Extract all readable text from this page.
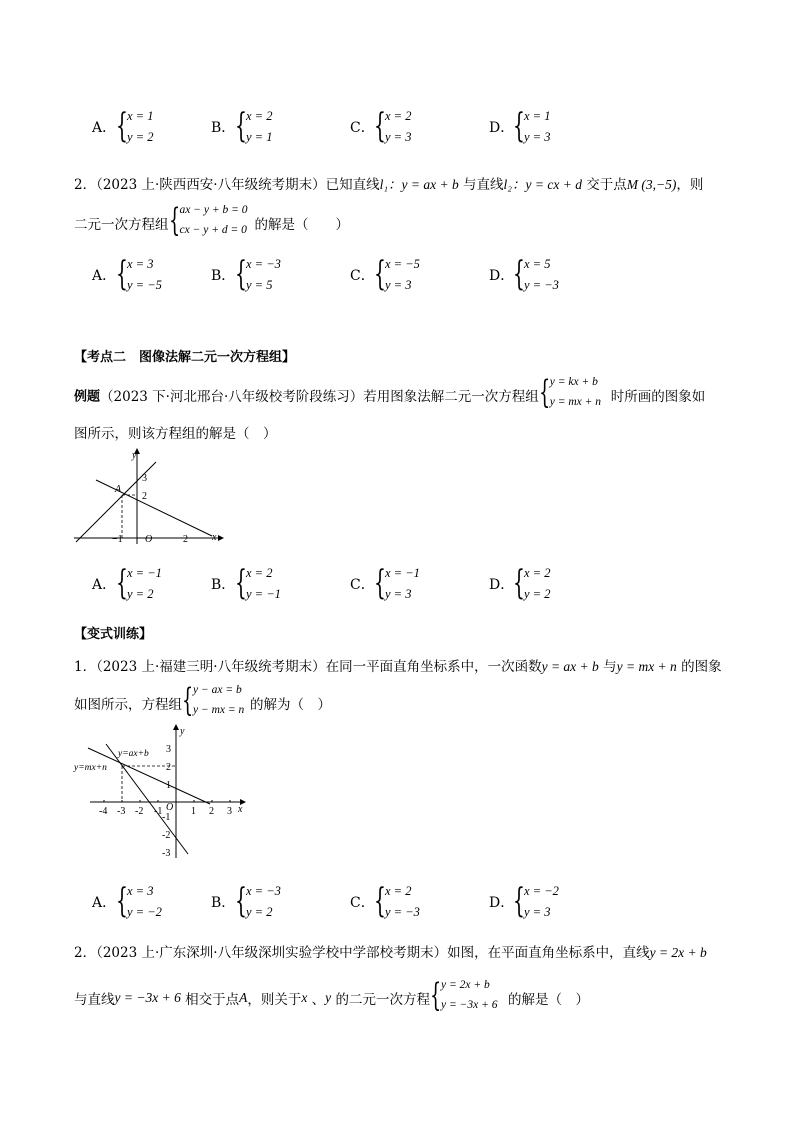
A． { x = 1
y = 2
B． { x = 2
y = 1
C． { x = 2
y = 3
D．
{ x = 1
y = 3
2．（2023 上·陕西西安·八年级统考期末）已知直线l₁：y = ax + b 与直线l₂：y = cx + d 交于点M (3,−5)，则
二元一次方程组 { ax − y + b = 0
cx − y + d = 0 的解是（　　）
A． { x = 3
y = −5
B． { x = −3
y = 5
C． { x = −5
y = 3
D．
{ x = 5
y = −3
【考点二　图像法解二元一次方程组】
例题（2023 下·河北邢台·八年级校考阶段练习）若用图象法解二元一次方程组 { y = kx + b
y = mx + n 时所画的图象如
图所示，则该方程组的解是（　）
y
x
A
3
2
−1 O	2
A． { x = −1
y = 2
B． { x = 2
y = −1
C． { x = −1
y = 3
D．
{ x = 2
y = 2
【变式训练】
1．（2023 上·福建三明·八年级统考期末）在同一平面直角坐标系中，一次函数y = ax + b 与y = mx + n 的图象
如图所示，方程组 { y − ax = b
y − mx = n 的解为（　）
y
x
y=ax+b
y=mx+n
O
-4 -3 -2 -1	1 2 3
3
2
1
-1
-2
-3
A． { x = 3
y = −2
B． { x = −3
y = 2
C． { x = 2
y = −3
D．
{ x = −2
y = 3
2．（2023 上·广东深圳·八年级深圳实验学校中学部校考期末）如图，在平面直角坐标系中，直线y = 2x + b
与直线y = −3x + 6 相交于点A，则关于x 、y 的二元一次方程 { y = 2x + b
y = −3x + 6 的解是（　）
